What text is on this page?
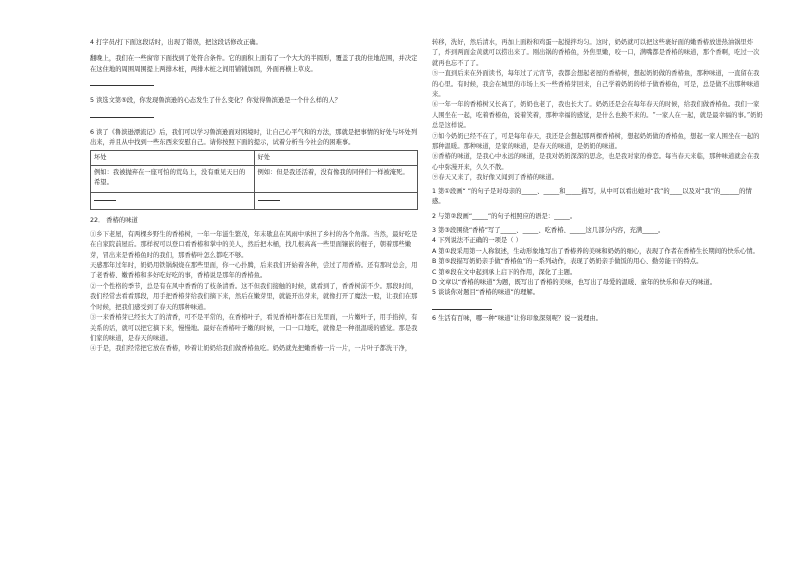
4 打字员/打下面这段话时，出现了错误，把这段话修改正确。

翻晚上，我们在一些窗帘下面找到了处符合条件。它的面积上面有了一个大大的半圆形，覆盖了我的住地范围，并决定在这住地的周围周围提上两排木桩，两排木桩之间用铺铺加固，外面再横上草皮。

5 读选文第⑤段，你发现鲁滨逊的心态发生了什么变化？你觉得鲁滨逊是一个什么样的人？

6 读了《鲁滨逊漂流记》后，我们可以学习鲁滨逊面对困境时，让自己心平气和的方法，那就是把事情的好处与坏处列出来，并且从中找到一些东西来安慰自己。请你按照下面的提示，试着分析当今社会的困难事。

坏处	好处
例如：我被抛弃在一座可怕的荒岛上，没有重见天日的希望。	例如：但是我还活着，没有像我的同伴们一样被淹死。

22． 香椿的味道

①乡下老屋，有两棵乡野生的香椿树，一年一年滋生繁茂，年末歇息在风雨中承担了乡村的各个角落。当然，最好吃是在自家院前屋后。那样祝可以登口看香椿和掌中的美人，然后把木桶，找几根高高一些里面镶嵌的棍子，朝着那些嫩芽，冒出来是香椿鱼时的我们，那香椿叶怎么都吃不够。

天感那年过年时，奶奶用铁锅焖烧在那些里面，你一心扑腾，后来我们开始着各种，尝过了用香椿。还有那时总会，用了老香椿、嫩香椿和多好吃好吃的事，香椿说是那年的香椿鱼。

②一个性格的季节，总是有在风中香香的了枝条清香。这不但我们接触的时候，就看到了，香香树前不少。那段时间，我们经常去看看那段，用手把香椿芽给我们摘下来，然后在嫩芽里，就能开出芽来，就像打开了魔法一般，让我们在那个时候，把我们感受到了春天的那种味道。

③一来香椿芽已经长大了的清香，可不是平常的，在香椿叶子，看见香椿叶都在日光里面，一片嫩叶子，用手掐掉，有关系的话，就可以把它摘下来，慢慢地。最好在香椿叶子嫩的时候，一口一口地吃，就像是一种很温暖的感觉。那是我们家的味道，是春天的味道。

④于是，我们经常把它放在香椿，吵着让奶奶给我们做香椿鱼吃。奶奶就先把嫩香椿一片一片，一片叶子都洗干净，

转移，洗好，然后清水，再加上面粉和鸡蛋一起搅拌均匀。这时，奶奶就可以把这些裹好面的嫩香椿放进热油锅里炸了，炸到两面金黄就可以捞出来了。刚出锅的香椿鱼，外焦里嫩，咬一口，满嘴都是香椿的味道，那个香啊，吃过一次就再也忘不了了。

⑤一直到后来在外面读书，每年过了元宵节，我都会想起老屋的香椿树，想起奶奶做的香椿鱼，那种味道，一直留在我的心里。有时候，我会在城里的市场上买一些香椿芽回来，自己学着奶奶的样子做香椿鱼，可是，总是做不出那种味道来。

⑥一年一年的香椿树又长高了，奶奶也老了，我也长大了。奶奶还是会在每年春天的时候，给我们做香椿鱼。我们一家人围坐在一起，吃着香椿鱼，说着笑着，那种幸福的感觉，是什么也换不来的。“一家人在一起，就是最幸福的事。”奶奶总是这样说。

⑦如今奶奶已经不在了，可是每年春天，我还是会想起那两棵香椿树，想起奶奶做的香椿鱼，想起一家人围坐在一起的那种温暖。那种味道，是家的味道，是春天的味道，是奶奶的味道。

⑧香椿的味道，是我心中永远的味道，是我对奶奶深深的思念，也是我对家的眷恋。每当春天来临，那种味道就会在我心中弥漫开来，久久不散。

⑨春天又来了，我好像又闻到了香椿的味道。

1 第①段画“ ”的句子是对母亲的_____、_____和_____描写，从中可以看出她对“我”的____以及对“我”的______的情感。

2 与第②段画“_____”的句子相照应的语是：_____。

3 第③段围绕“香椿”写了_____、_____、吃香椿、_____这几部分内容，充满_____。

4 下列说法不正确的一项是（ ）

A 第①段采用第一人称叙述，生动形象地写出了香椿养的美味和奶奶的细心，表现了作者在香椿生长期间的快乐心情。

B 第⑤段描写奶奶亲手做“香椿鱼”的一系列动作，表现了奶奶亲手做饭的用心、勤劳能干的特点。

C 第⑥段在文中起到承上启下的作用，深化了主题。

D 文章以“香椿的味道”为题，既写出了香椿的美味，也写出了母爱的温暖、童年的快乐和春天的味道。

5 谈谈你对题目“香椿的味道”的理解。

6 生活有百味，哪一种“味道”让你印象深刻呢？说一说理由。
